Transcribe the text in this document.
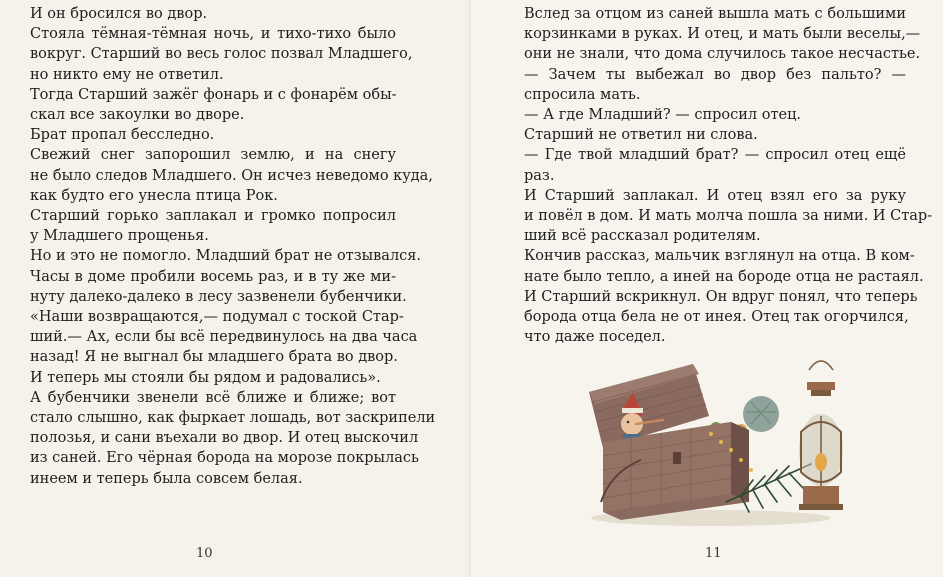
И он бросился во двор.
Стояла тёмная-тёмная ночь, и тихо-тихо было
вокруг. Старший во весь голос позвал Младшего,
но никто ему не ответил.
Тогда Старший зажёг фонарь и с фонарём обы-
скал все закоулки во дворе.
Брат пропал бесследно.
Свежий снег запорошил землю, и на снегу
не было следов Младшего. Он исчез неведомо куда,
как будто его унесла птица Рок.
Старший горько заплакал и громко попросил
у Младшего прощенья.
Но и это не помогло. Младший брат не отзывался.
Часы в доме пробили восемь раз, и в ту же ми-
нуту далеко-далеко в лесу зазвенели бубенчики.
«Наши возвращаются,— подумал с тоской Стар-
ший.— Ах, если бы всё передвинулось на два часа
назад! Я не выгнал бы младшего брата во двор.
И теперь мы стояли бы рядом и радовались».
А бубенчики звенели всё ближе и ближе; вот
стало слышно, как фыркает лошадь, вот заскрипели
полозья, и сани въехали во двор. И отец выскочил
из саней. Его чёрная борода на морозе покрылась
инеем и теперь была совсем белая.
10
Вслед за отцом из саней вышла мать с большими
корзинками в руках. И отец, и мать были веселы,—
они не знали, что дома случилось такое несчастье.
— Зачем ты выбежал во двор без пальто? —
спросила мать.
— А где Младший? — спросил отец.
Старший не ответил ни слова.
— Где твой младший брат? — спросил отец ещё
раз.
И Старший заплакал. И отец взял его за руку
и повёл в дом. И мать молча пошла за ними. И Стар-
ший всё рассказал родителям.
Кончив рассказ, мальчик взглянул на отца. В ком-
нате было тепло, а иней на бороде отца не растаял.
И Старший вскрикнул. Он вдруг понял, что теперь
борода отца бела не от инея. Отец так огорчился,
что даже поседел.
11
